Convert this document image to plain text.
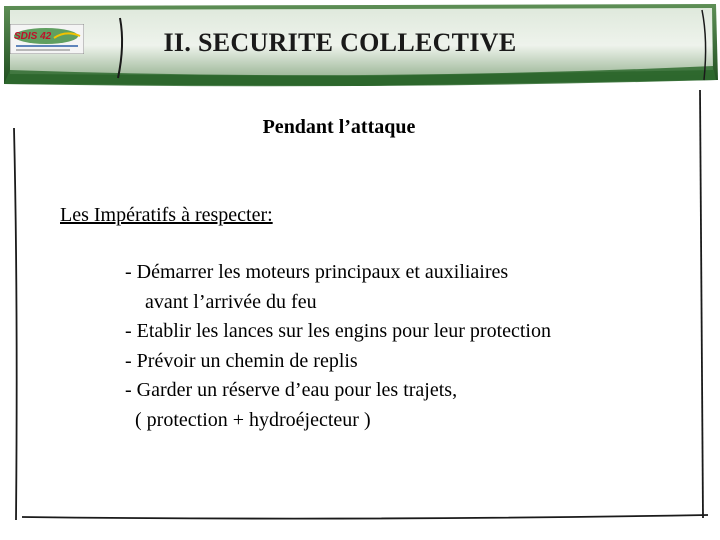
SDIS 42	II. SECURITE COLLECTIVE
Pendant l’attaque
Les Impératifs à respecter:
- Démarrer les moteurs principaux et auxiliaires
avant l’arrivée du feu
- Etablir les lances sur les engins pour leur protection
- Prévoir un chemin de replis
- Garder un réserve d’eau pour les trajets,
( protection + hydroéjecteur )
